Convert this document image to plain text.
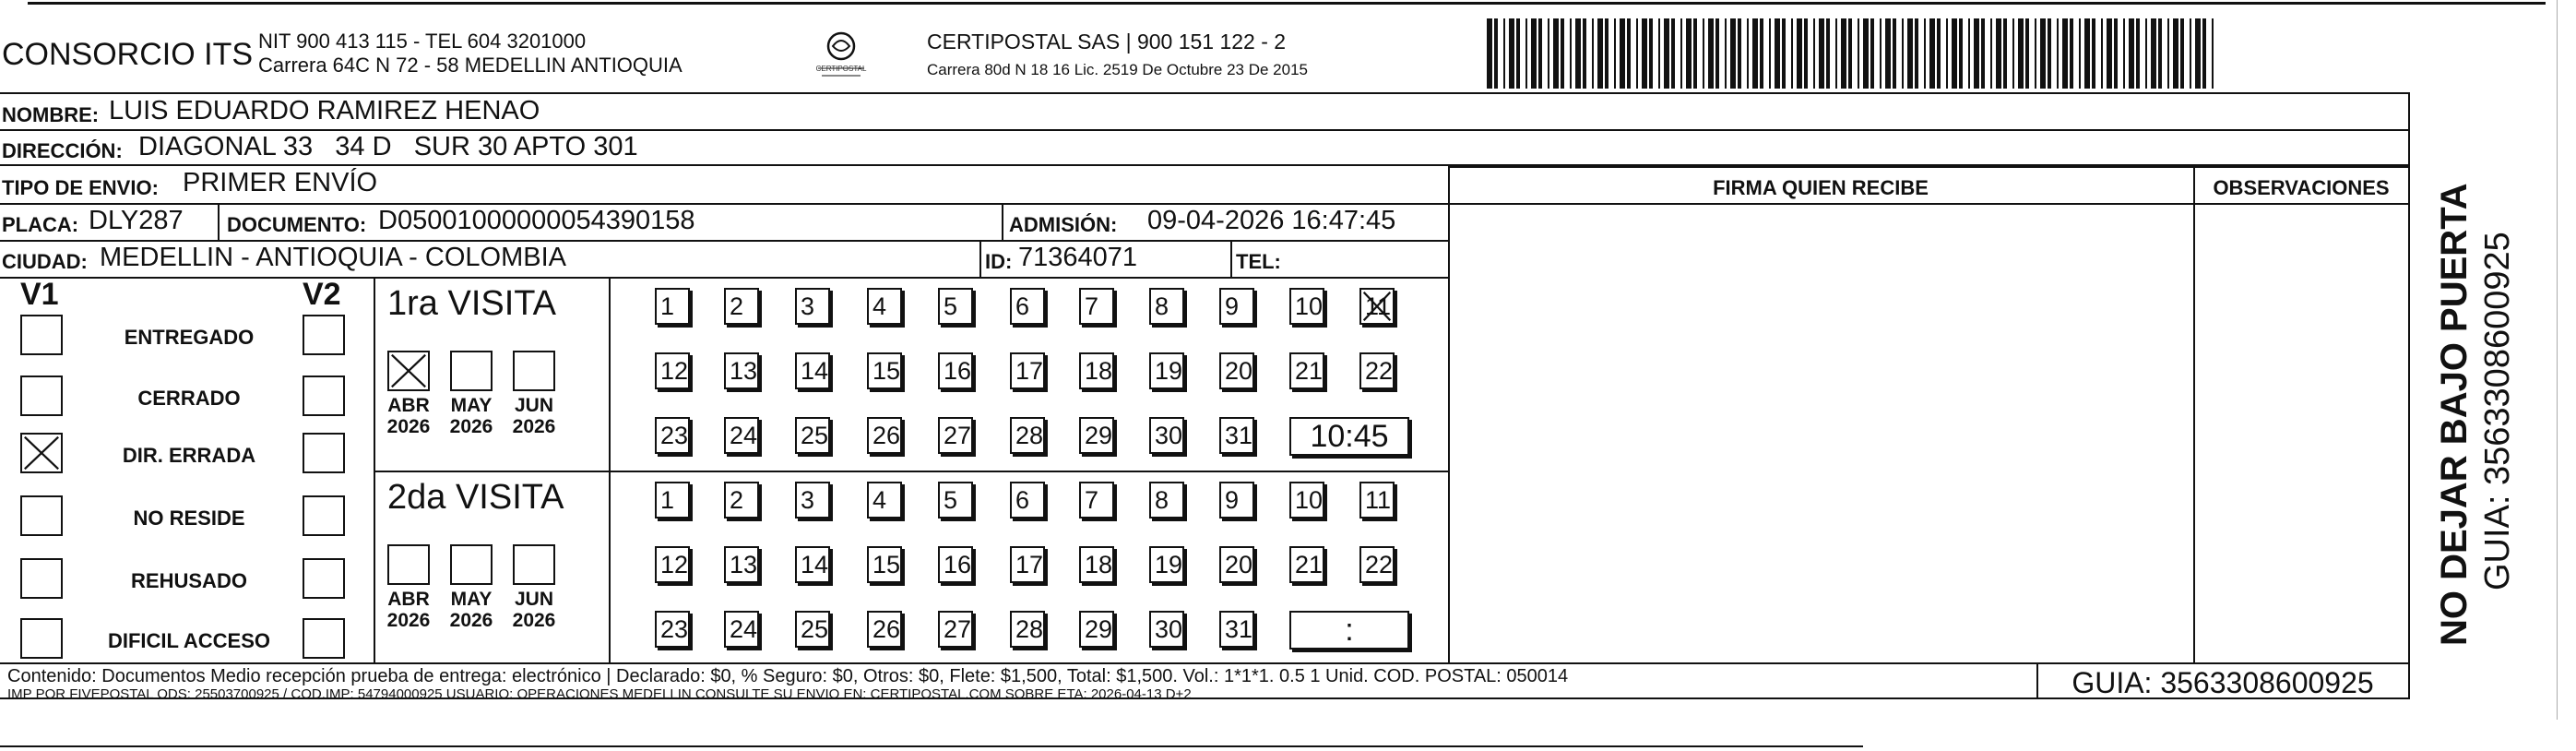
CONSORCIO ITS NIT 900 413 115 - TEL 604 3201000
Carrera 64C N 72 - 58 MEDELLIN ANTIOQUIA	CERTIPOSTAL
CERTIPOSTAL SAS | 900 151 122 - 2
Carrera 80d N 18 16 Lic. 2519 De Octubre 23 De 2015
NOMBRE: LUIS EDUARDO RAMIREZ HENAO
DIRECCIÓN: DIAGONAL 33   34 D   SUR 30 APTO 301
TIPO DE ENVIO: PRIMER ENVÍO
PLACA: DLY287 DOCUMENTO: D05001000000054390158	ADMISIÓN: 09-04-2026 16:47:45
CIUDAD: MEDELLIN - ANTIOQUIA - COLOMBIA	ID: 71364071	TEL:
FIRMA QUIEN RECIBE	OBSERVACIONES
V1	V2
ENTREGADO
CERRADO
DIR. ERRADA
NO RESIDE
REHUSADO
DIFICIL ACCESO
1ra VISITA
ABR
2026
MAY
2026
JUN
2026
1	2	3	4	5	6	7	8	9	10 11
12 13 14 15 16 17 18 19 20 21 22
23 24 25 26 27 28 29 30 31	10:45
2da VISITA
ABR
2026
MAY
2026
JUN
2026
1	2	3	4	5	6	7	8	9	10 11
12 13 14 15 16 17 18 19 20 21 22
23 24 25 26 27 28 29 30 31	:
Contenido: Documentos Medio recepción prueba de entrega: electrónico | Declarado: $0, % Seguro: $0, Otros: $0, Flete: $1,500, Total: $1,500. Vol.: 1*1*1. 0.5 1 Unid. COD. POSTAL: 050014
IMP POR FIVEPOSTAL ODS: 25503700925 / COD.IMP: 54794000925 USUARIO: OPERACIONES MEDELLIN CONSULTE SU ENVIO EN: CERTIPOSTAL.COM SOBRE ETA: 2026-04-13 D+2	GUIA: 3563308600925
NO DEJAR BAJO PUERTA GUIA: 3563308600925
